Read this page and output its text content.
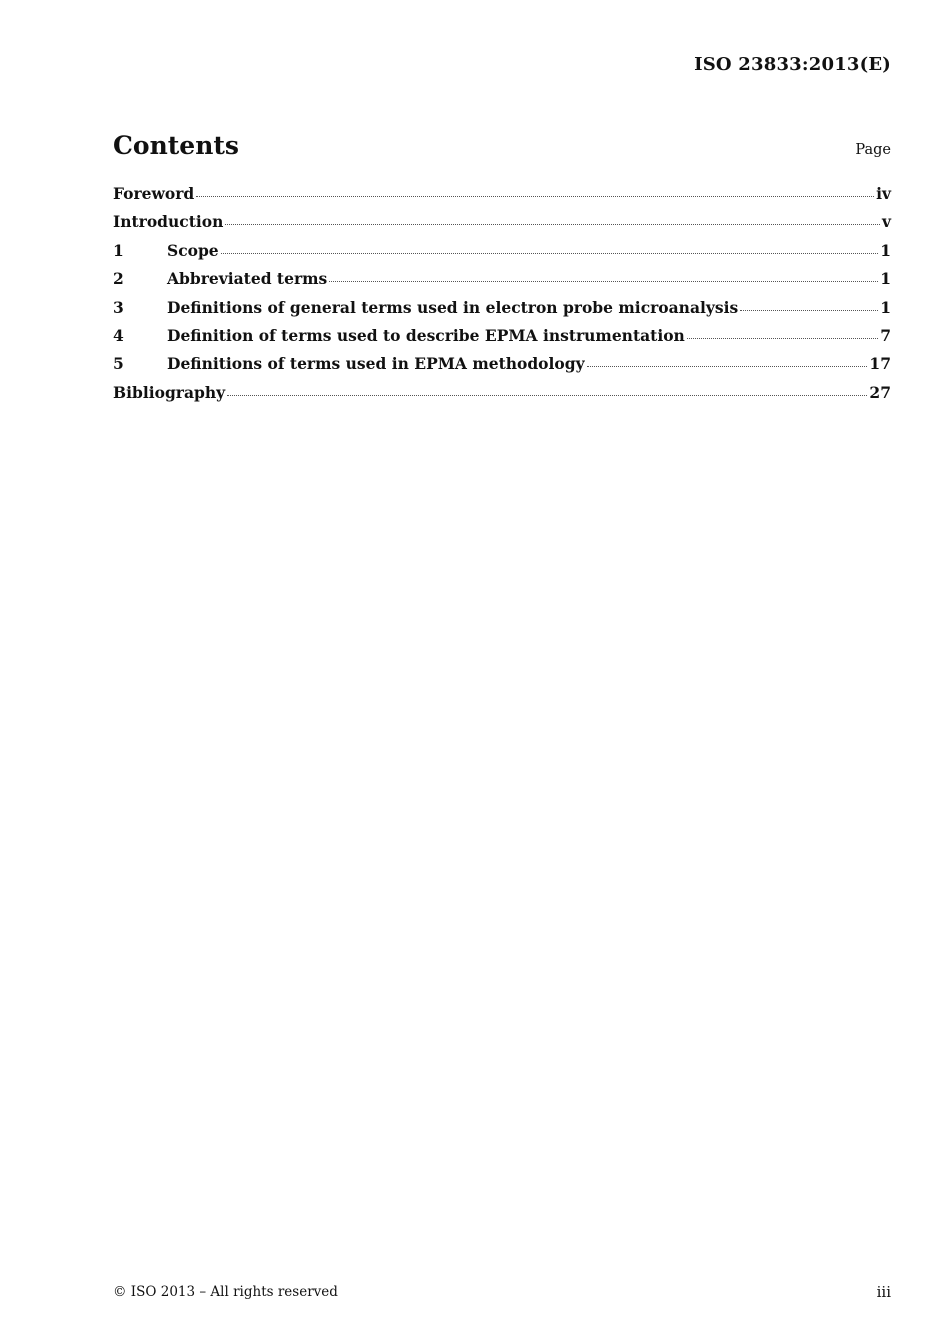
ISO 23833:2013(E)
Contents	Page
Foreword	iv
Introduction	v
1	Scope	1
2	Abbreviated terms	1
3	Definitions of general terms used in electron probe microanalysis	1
4	Definition of terms used to describe EPMA instrumentation	7
5	Definitions of terms used in EPMA methodology	17
Bibliography	27
© ISO 2013 – All rights reserved	iii
